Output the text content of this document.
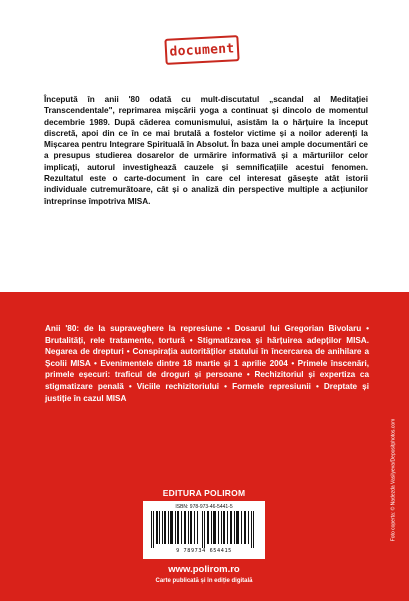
document

Începută în anii '80 odată cu mult-discutatul „scandal al Meditației Transcendentale", reprimarea mișcării yoga a continuat și dincolo de momentul decembrie 1989. După căderea comunismului, asistăm la o hărțuire la început discretă, apoi din ce în ce mai brutală a fostelor victime și a noilor aderenți la Mișcarea pentru Integrare Spirituală în Absolut. În baza unei ample documentări ce a presupus studierea dosarelor de urmărire informativă și a mărturiilor celor implicați, autorul investighează cauzele și semnificațiile acestui fenomen. Rezultatul este o carte-document în care cel interesat găsește atât istorii individuale cutremurătoare, cât și o analiză din perspective multiple a acțiunilor întreprinse împotriva MISA.

Anii '80: de la supraveghere la represiune • Dosarul lui Gregorian Bivolaru • Brutalități, rele tratamente, tortură • Stigmatizarea și hărțuirea adepților MISA. Negarea de drepturi • Conspirația autorităților statului în încercarea de anihilare a Școlii MISA • Evenimentele dintre 18 martie și 1 aprilie 2004 • Primele înscenări, primele eșecuri: traficul de droguri și persoane • Rechizitoriul și expertiza ca stigmatizare penală • Viciile rechizitoriului • Formele represiunii • Dreptate și justiție în cazul MISA

Foto coperta: © Nadezda Vasilyeva/Depositphotos.com
EDITURA POLIROM
ISBN: 978-973-46-5441-5
9 789734 654415
www.polirom.ro
Carte publicată și în ediție digitală
